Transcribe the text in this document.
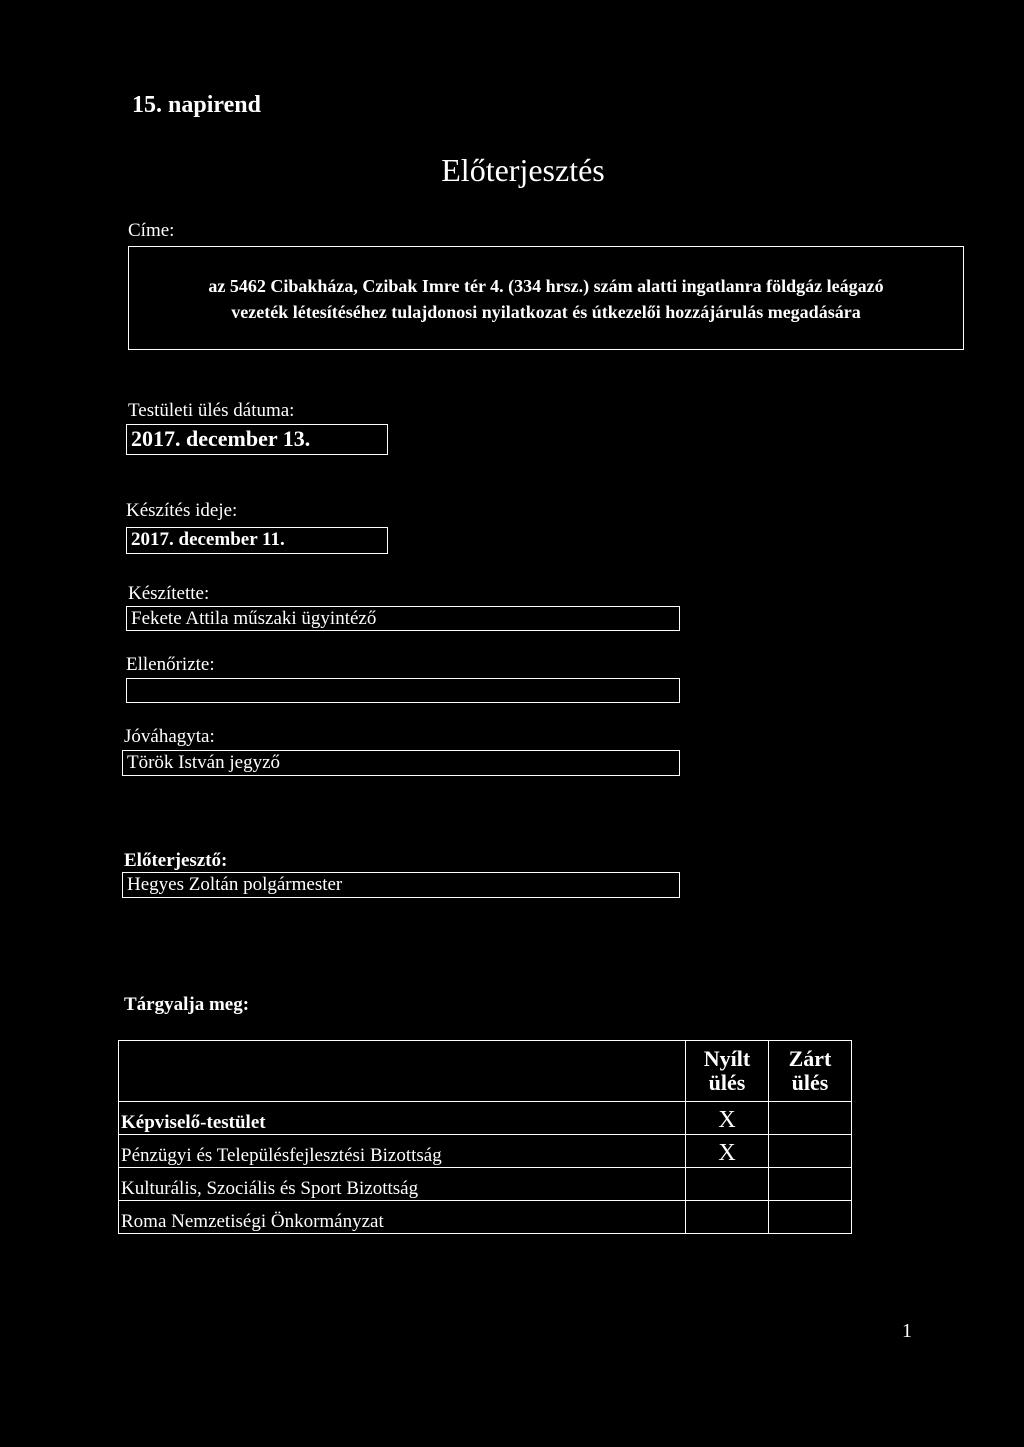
15. napirend
Előterjesztés
Címe:
az 5462 Cibakháza, Czibak Imre tér 4. (334 hrsz.) szám alatti ingatlanra földgáz leágazó
vezeték létesítéséhez tulajdonosi nyilatkozat és útkezelői hozzájárulás megadására
Testületi ülés dátuma:
2017. december 13.
Készítés ideje:
2017. december 11.
Készítette:
Fekete Attila műszaki ügyintéző
Ellenőrizte:
Jóváhagyta:
Török István jegyző
Előterjesztő:
Hegyes Zoltán polgármester
Tárgyalja meg:
	Nyílt ülés	Zárt ülés
Képviselő-testület	X	
Pénzügyi és Településfejlesztési Bizottság	X	
Kulturális, Szociális és Sport Bizottság		
Roma Nemzetiségi Önkormányzat		
1
